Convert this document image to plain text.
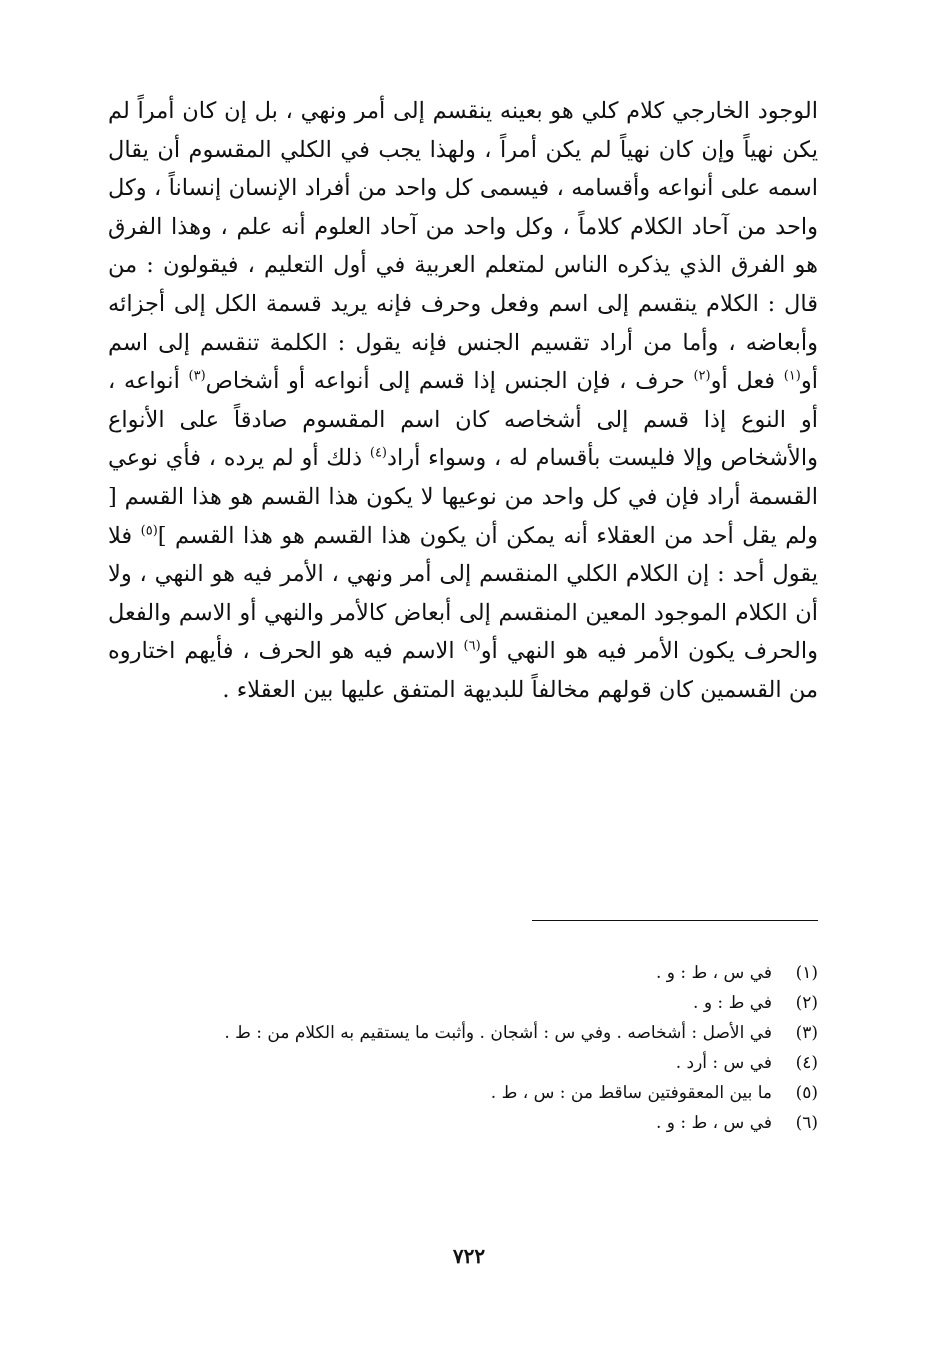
الوجود الخارجي كلام كلي هو بعينه ينقسم إلى أمر ونهي ، بل إن كان أمراً لم يكن نهياً وإن كان نهياً لم يكن أمراً ، ولهذا يجب في الكلي المقسوم أن يقال اسمه على أنواعه وأقسامه ، فيسمى كل واحد من أفراد الإنسان إنساناً ، وكل واحد من آحاد الكلام كلاماً ، وكل واحد من آحاد العلوم أنه علم ، وهذا الفرق هو الفرق الذي يذكره الناس لمتعلم العربية في أول التعليم ، فيقولون : من قال : الكلام ينقسم إلى اسم وفعل وحرف فإنه يريد قسمة الكل إلى أجزائه وأبعاضه ، وأما من أراد تقسيم الجنس فإنه يقول : الكلمة تنقسم إلى اسم أو$^{(١)}$ فعل أو$^{(٢)}$ حرف ، فإن الجنس إذا قسم إلى أنواعه أو أشخاص$^{(٣)}$ أنواعه ، أو النوع إذا قسم إلى أشخاصه كان اسم المقسوم صادقاً على الأنواع والأشخاص وإلا فليست بأقسام له ، وسواء أراد$^{(٤)}$ ذلك أو لم يرده ، فأي نوعي القسمة أراد فإن في كل واحد من نوعيها لا يكون هذا القسم هو هذا القسم [ ولم يقل أحد من العقلاء أنه يمكن أن يكون هذا القسم هو هذا القسم ]$^{(٥)}$ فلا يقول أحد : إن الكلام الكلي المنقسم إلى أمر ونهي ، الأمر فيه هو النهي ، ولا أن الكلام الموجود المعين المنقسم إلى أبعاض كالأمر والنهي أو الاسم والفعل والحرف يكون الأمر فيه هو النهي أو$^{(٦)}$ الاسم فيه هو الحرف ، فأيهم اختاروه من القسمين كان قولهم مخالفاً للبديهة المتفق عليها بين العقلاء .

(١)
في س ، ط : و .
(٢)
في ط : و .
(٣)
في الأصل : أشخاصه . وفي س : أشجان . وأثبت ما يستقيم به الكلام من : ط .
(٤)
في س : أرد .
(٥)
ما بين المعقوفتين ساقط من : س ، ط .
(٦)
في س ، ط : و .
٧٢٢
